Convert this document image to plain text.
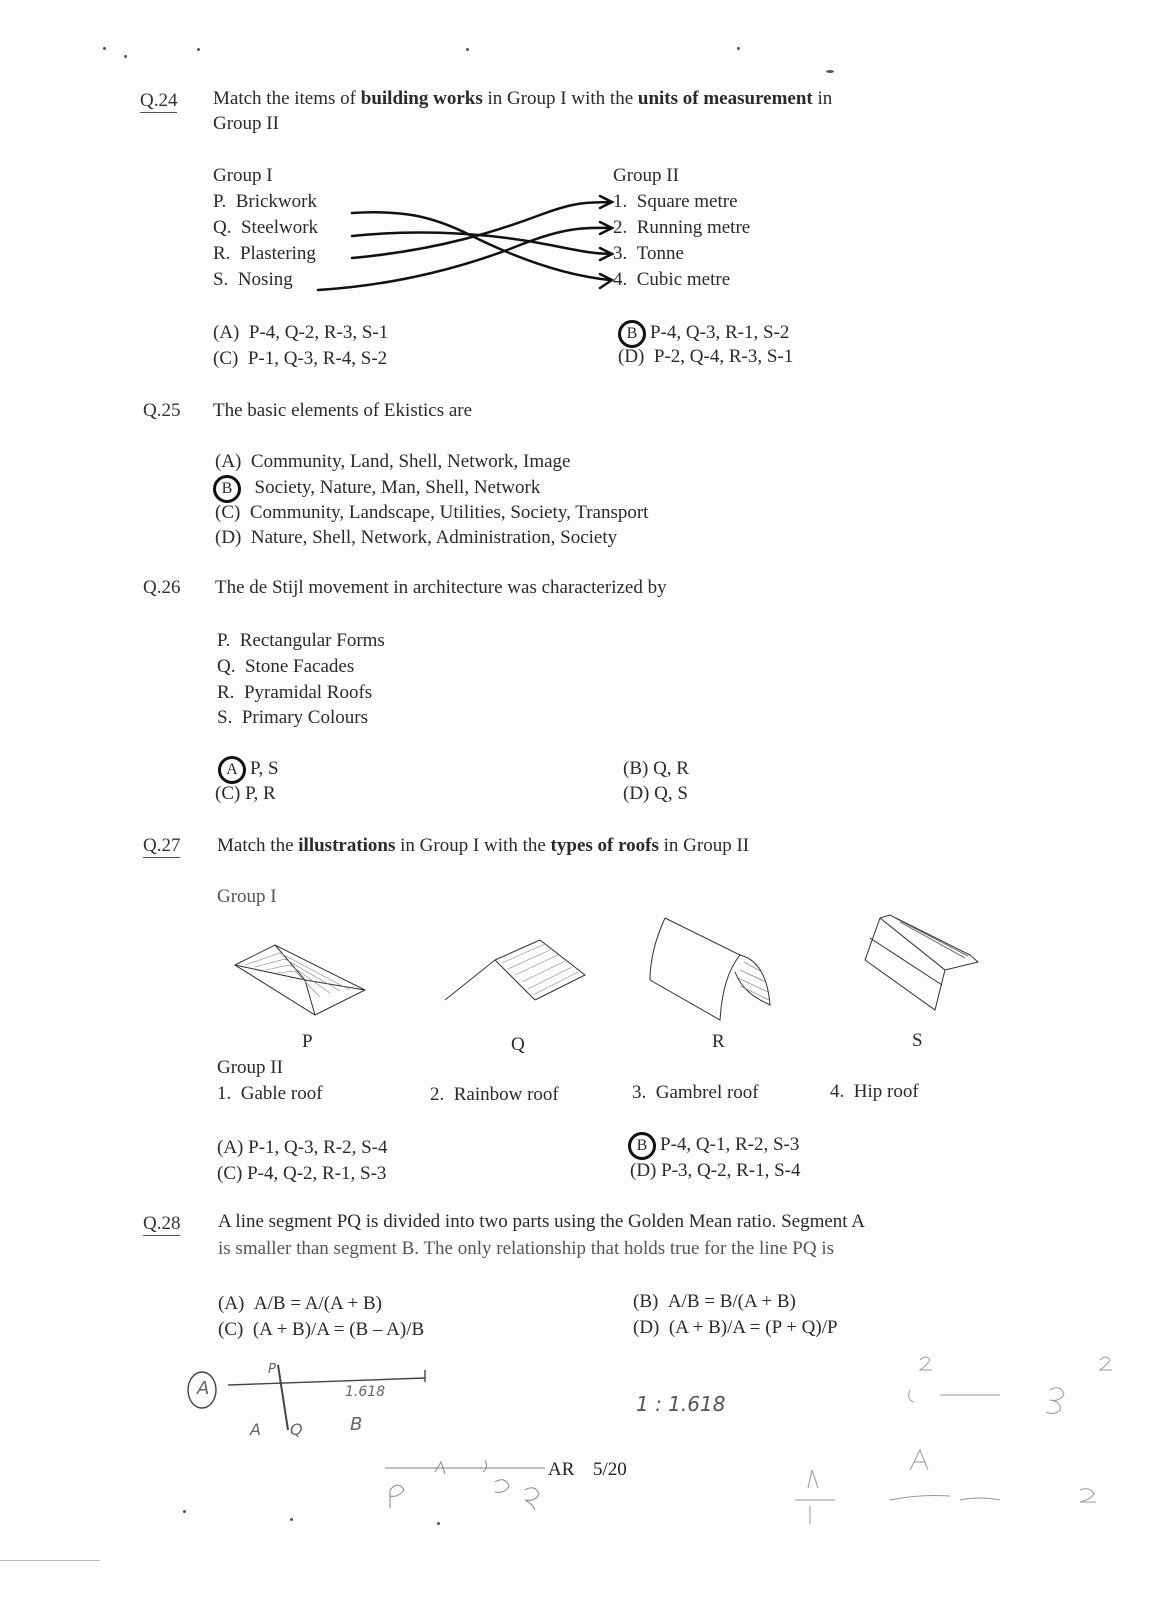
Q.24 Match the items of building works in Group I with the units of measurement in
Group II
Group I	Group II
P. Brickwork
Q. Steelwork
R. Plastering
S. Nosing
1. Square metre
2. Running metre
3. Tonne
4. Cubic metre
(A) P-4, Q-2, R-3, S-1	B P-4, Q-3, R-1, S-2
(C) P-1, Q-3, R-4, S-2	(D) P-2, Q-4, R-3, S-1
Q.25 The basic elements of Ekistics are
(A) Community, Land, Shell, Network, Image
B Society, Nature, Man, Shell, Network
(C) Community, Landscape, Utilities, Society, Transport
(D) Nature, Shell, Network, Administration, Society
Q.26 The de Stijl movement in architecture was characterized by
P. Rectangular Forms
Q. Stone Facades
R. Pyramidal Roofs
S. Primary Colours
A P, S	(B) Q, R
(C) P, R	(D) Q, S
Q.27 Match the illustrations in Group I with the types of roofs in Group II
Group I
P	Q	R	S
Group II
1. Gable roof	2. Rainbow roof	3. Gambrel roof	4. Hip roof
(A) P-1, Q-3, R-2, S-4	B P-4, Q-1, R-2, S-3
(C) P-4, Q-2, R-1, S-3	(D) P-3, Q-2, R-1, S-4
Q.28 A line segment PQ is divided into two parts using the Golden Mean ratio. Segment A
is smaller than segment B. The only relationship that holds true for the line PQ is
(A) A/B = A/(A + B)	(B) A/B = B/(A + B)
(C) (A + B)/A = (B – A)/B	(D) (A + B)/A = (P + Q)/P
A
P
1.618
A Q	B
1 : 1.618
AR 5/20
